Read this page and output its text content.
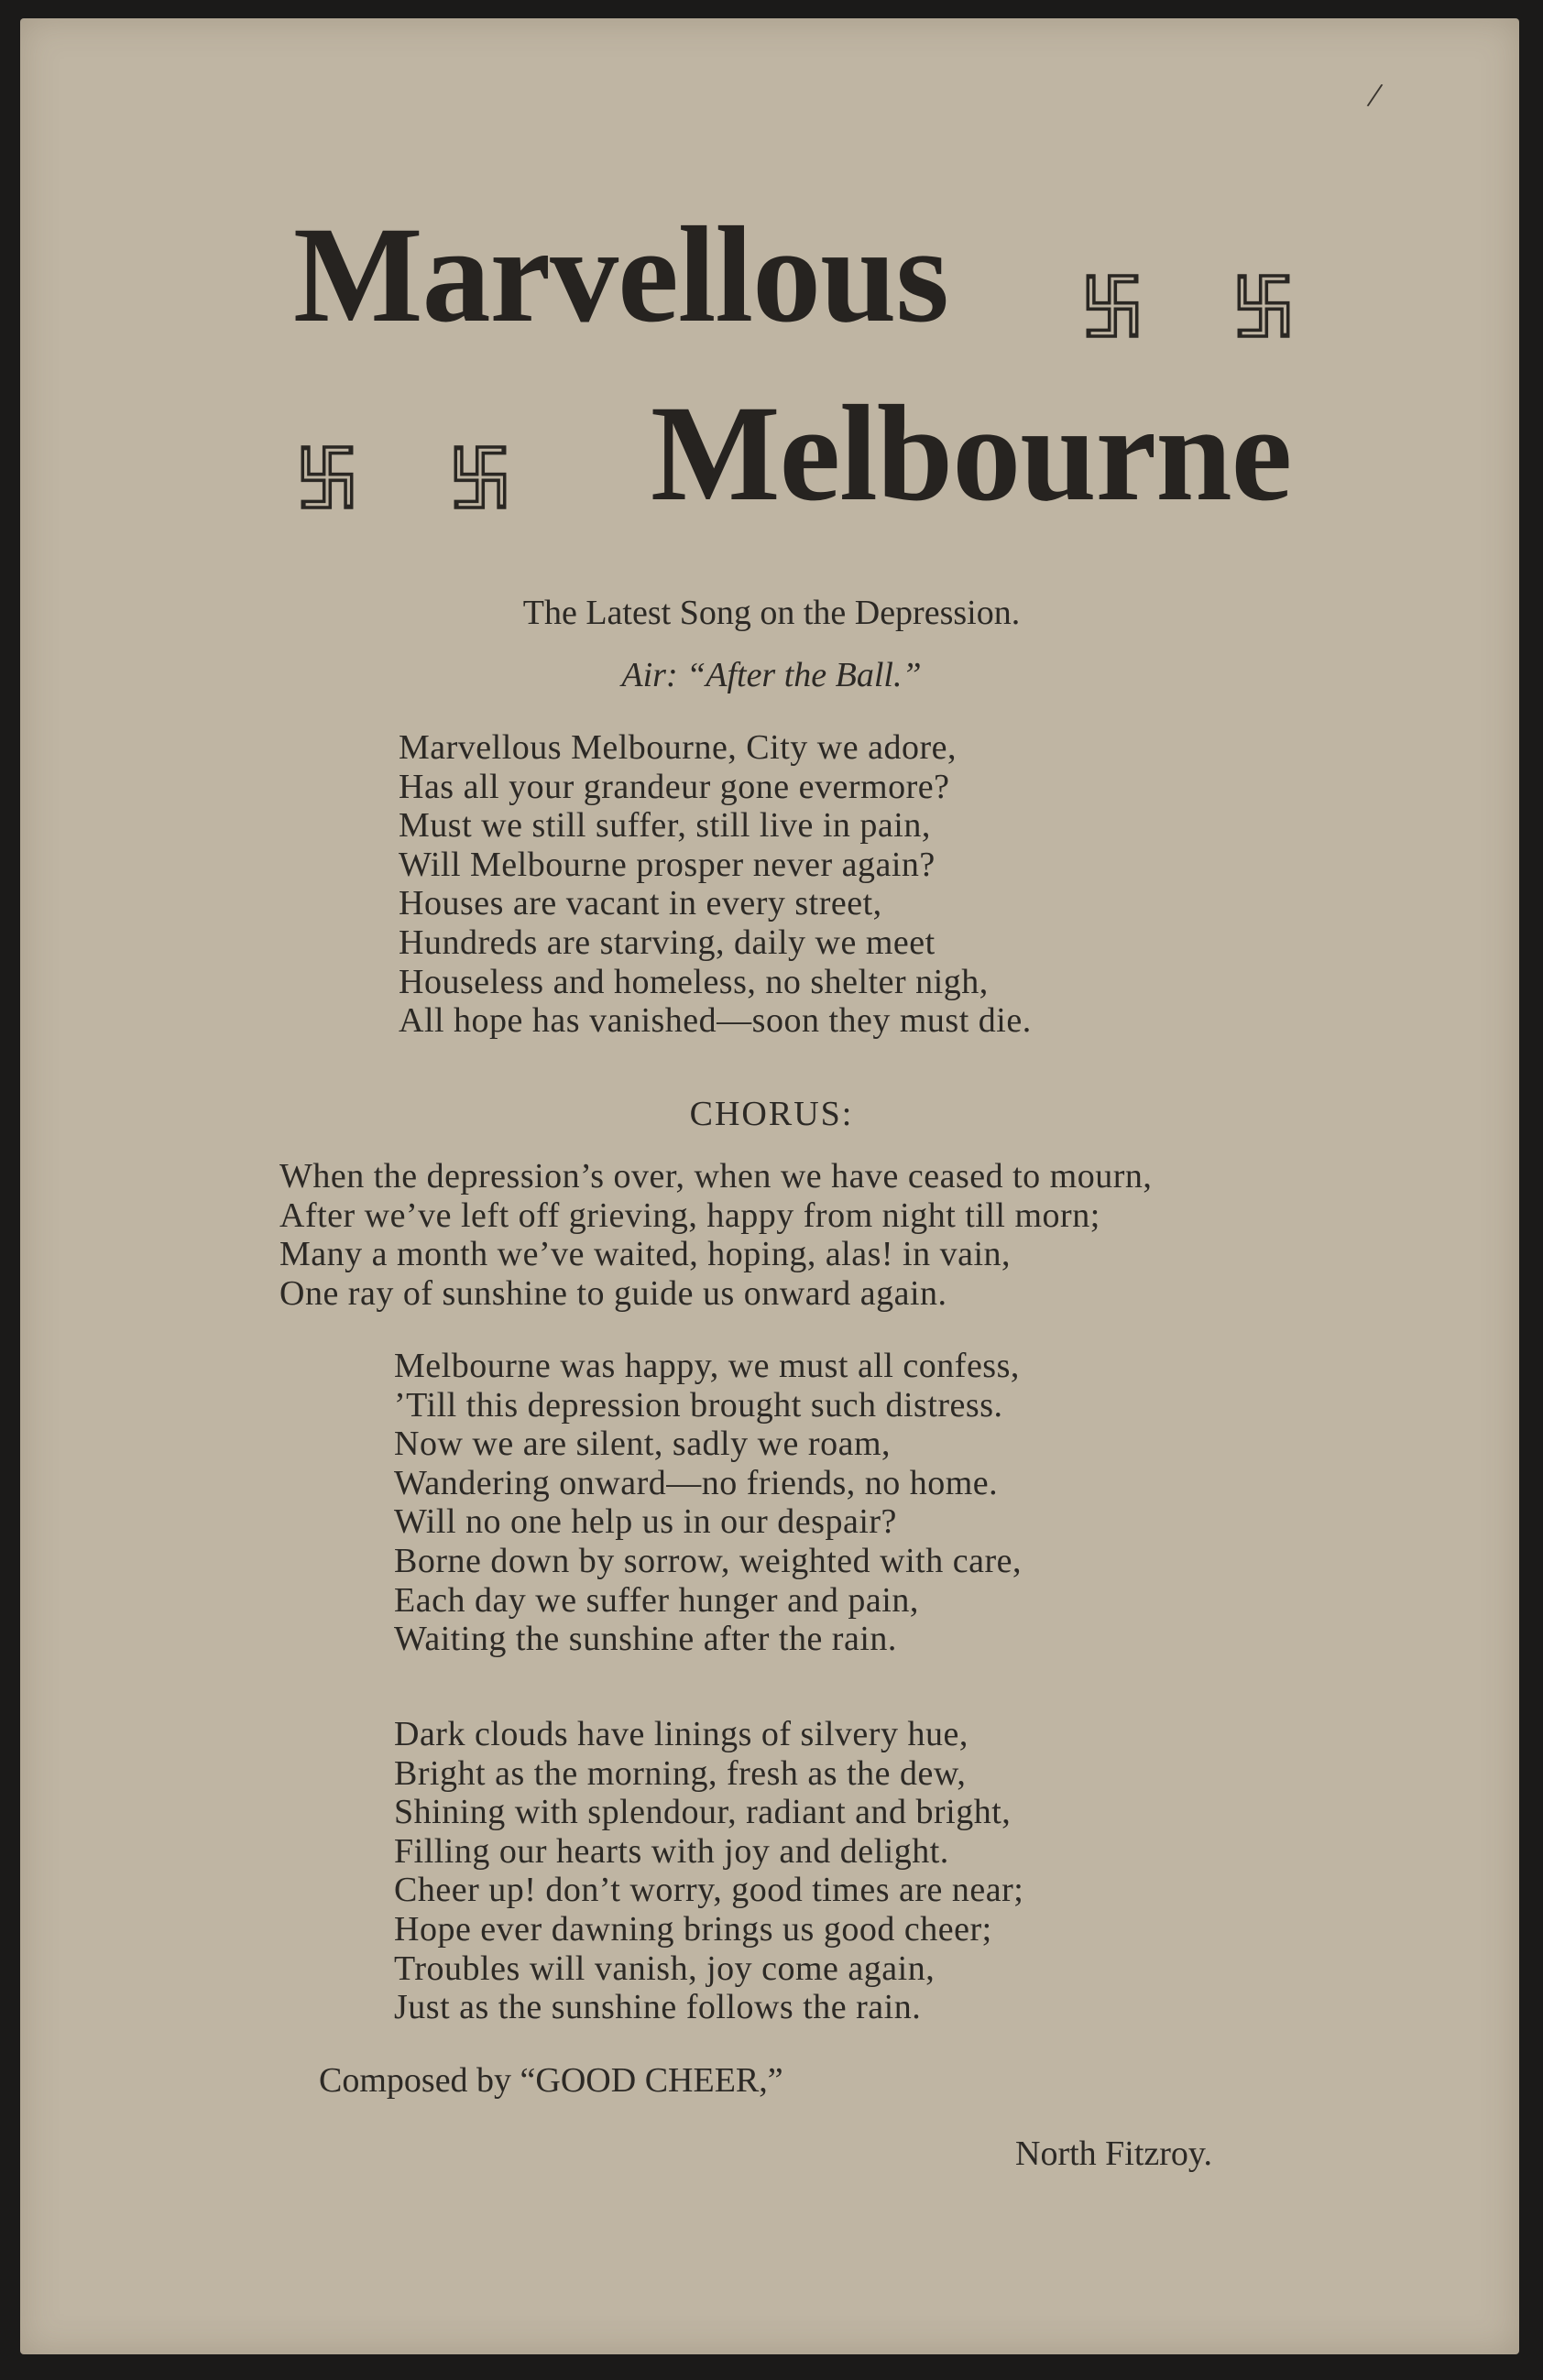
Marvellous
Melbourne

The Latest Song on the Depression.

Air: “After the Ball.”

Marvellous Melbourne, City we adore,
Has all your grandeur gone evermore?
Must we still suffer, still live in pain,
Will Melbourne prosper never again?
Houses are vacant in every street,
Hundreds are starving, daily we meet
Houseless and homeless, no shelter nigh,
All hope has vanished—soon they must die.

CHORUS:

When the depression’s over, when we have ceased to mourn,
After we’ve left off grieving, happy from night till morn;
Many a month we’ve waited, hoping, alas! in vain,
One ray of sunshine to guide us onward again.
Melbourne was happy, we must all confess,
’Till this depression brought such distress.
Now we are silent, sadly we roam,
Wandering onward—no friends, no home.
Will no one help us in our despair?
Borne down by sorrow, weighted with care,
Each day we suffer hunger and pain,
Waiting the sunshine after the rain.
Dark clouds have linings of silvery hue,
Bright as the morning, fresh as the dew,
Shining with splendour, radiant and bright,
Filling our hearts with joy and delight.
Cheer up! don’t worry, good times are near;
Hope ever dawning brings us good cheer;
Troubles will vanish, joy come again,
Just as the sunshine follows the rain.

Composed by “GOOD CHEER,”

North Fitzroy.

/
